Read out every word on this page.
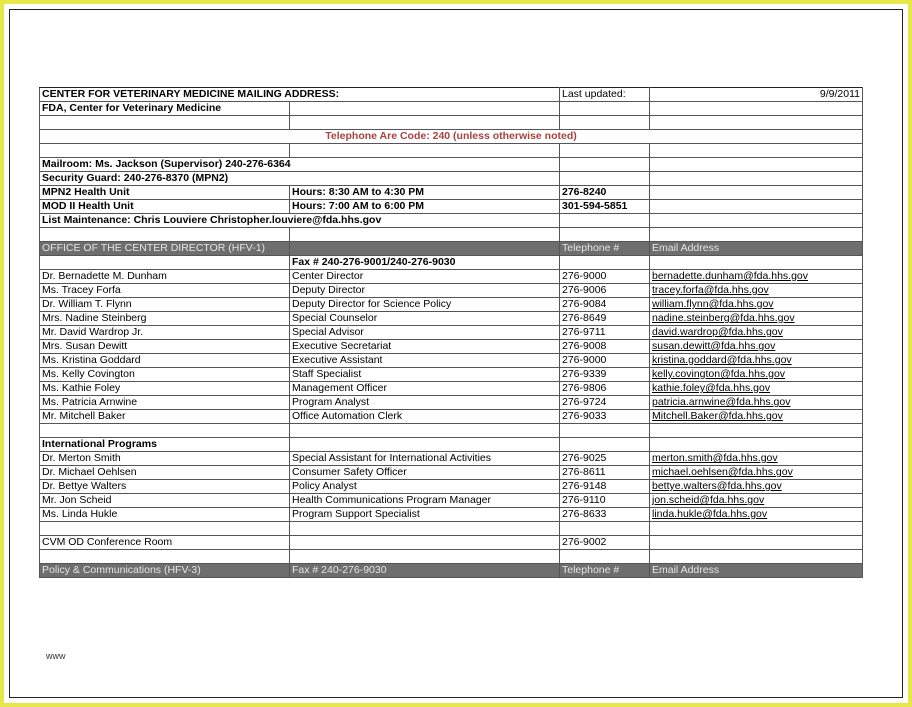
CENTER FOR VETERINARY MEDICINE MAILING ADDRESS:		Last updated:	9/9/2011
FDA, Center for Veterinary Medicine			

Telephone Are Code: 240 (unless otherwise noted)			

Mailroom: Ms. Jackson (Supervisor) 240-276-6364			
Security Guard: 240-276-8370 (MPN2)			
MPN2 Health Unit	Hours: 8:30 AM to 4:30 PM	276-8240	
MOD II Health Unit	Hours: 7:00 AM to 6:00 PM	301-594-5851	
List Maintenance: Chris Louviere Christopher.louviere@fda.hhs.gov			

OFFICE OF THE CENTER DIRECTOR (HFV-1)		Telephone #	Email Address
	Fax # 240-276-9001/240-276-9030		
Dr. Bernadette M. Dunham	Center Director	276-9000	bernadette.dunham@fda.hhs.gov
Ms. Tracey Forfa	Deputy Director	276-9006	tracey.forfa@fda.hhs.gov
Dr. William T. Flynn	Deputy Director for Science Policy	276-9084	william.flynn@fda.hhs.gov
Mrs. Nadine Steinberg	Special Counselor	276-8649	nadine.steinberg@fda.hhs.gov
Mr. David Wardrop Jr.	Special Advisor	276-9711	david.wardrop@fda.hhs.gov
Mrs. Susan Dewitt	Executive Secretariat	276-9008	susan.dewitt@fda.hhs.gov
Ms. Kristina Goddard	Executive Assistant	276-9000	kristina.goddard@fda.hhs.gov
Ms. Kelly Covington	Staff Specialist	276-9339	kelly.covington@fda.hhs.gov
Ms. Kathie Foley	Management Officer	276-9806	kathie.foley@fda.hhs.gov
Ms. Patricia Arnwine	Program Analyst	276-9724	patricia.arnwine@fda.hhs.gov
Mr. Mitchell Baker	Office Automation Clerk	276-9033	Mitchell.Baker@fda.hhs.gov

International Programs			
Dr. Merton Smith	Special Assistant for International Activities	276-9025	merton.smith@fda.hhs.gov
Dr. Michael Oehlsen	Consumer Safety Officer	276-8611	michael.oehlsen@fda.hhs.gov
Dr. Bettye Walters	Policy Analyst	276-9148	bettye.walters@fda.hhs.gov
Mr. Jon Scheid	Health Communications Program Manager	276-9110	jon.scheid@fda.hhs.gov
Ms. Linda Hukle	Program Support Specialist	276-8633	linda.hukle@fda.hhs.gov

CVM OD Conference Room		276-9002	

Policy & Communications (HFV-3)	Fax # 240-276-9030	Telephone #	Email Address
www
